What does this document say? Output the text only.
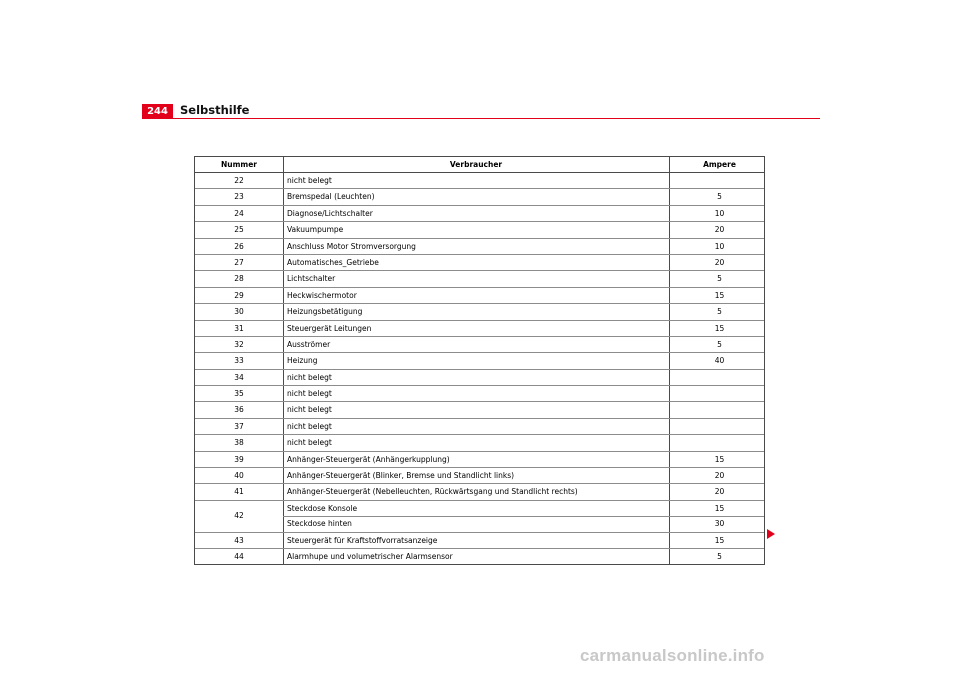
244	Selbsthilfe
Nummer	Verbraucher	Ampere
22	nicht belegt
23	Bremspedal (Leuchten)	5
24	Diagnose/Lichtschalter	10
25	Vakuumpumpe	20
26	Anschluss Motor Stromversorgung	10
27	Automatisches_Getriebe	20
28	Lichtschalter	5
29	Heckwischermotor	15
30	Heizungsbetätigung	5
31	Steuergerät Leitungen	15
32	Ausströmer	5
33	Heizung	40
34	nicht belegt
35	nicht belegt
36	nicht belegt
37	nicht belegt
38	nicht belegt
39	Anhänger-Steuergerät (Anhängerkupplung)	15
40	Anhänger-Steuergerät (Blinker, Bremse und Standlicht links)	20
41	Anhänger-Steuergerät (Nebelleuchten, Rückwärtsgang und Standlicht rechts)	20
42
Steckdose Konsole	15
Steckdose hinten	30
43	Steuergerät für Kraftstoffvorratsanzeige	15
44	Alarmhupe und volumetrischer Alarmsensor	5
carmanualsonline.info
